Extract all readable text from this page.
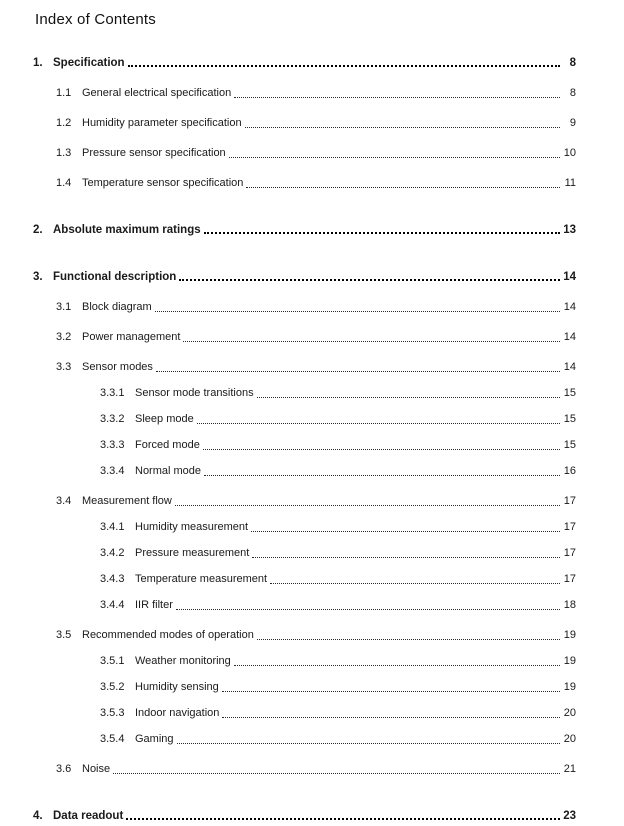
Index of Contents
1. Specification	8
1.1 General electrical specification	8
1.2 Humidity parameter specification	9
1.3 Pressure sensor specification	10
1.4 Temperature sensor specification	11
2. Absolute maximum ratings	13
3. Functional description	14
3.1 Block diagram	14
3.2 Power management	14
3.3 Sensor modes	14
3.3.1 Sensor mode transitions	15
3.3.2 Sleep mode	15
3.3.3 Forced mode	15
3.3.4 Normal mode	16
3.4 Measurement flow	17
3.4.1 Humidity measurement	17
3.4.2 Pressure measurement	17
3.4.3 Temperature measurement	17
3.4.4 IIR filter	18
3.5 Recommended modes of operation	19
3.5.1 Weather monitoring	19
3.5.2 Humidity sensing	19
3.5.3 Indoor navigation	20
3.5.4 Gaming	20
3.6 Noise	21
4. Data readout	23
